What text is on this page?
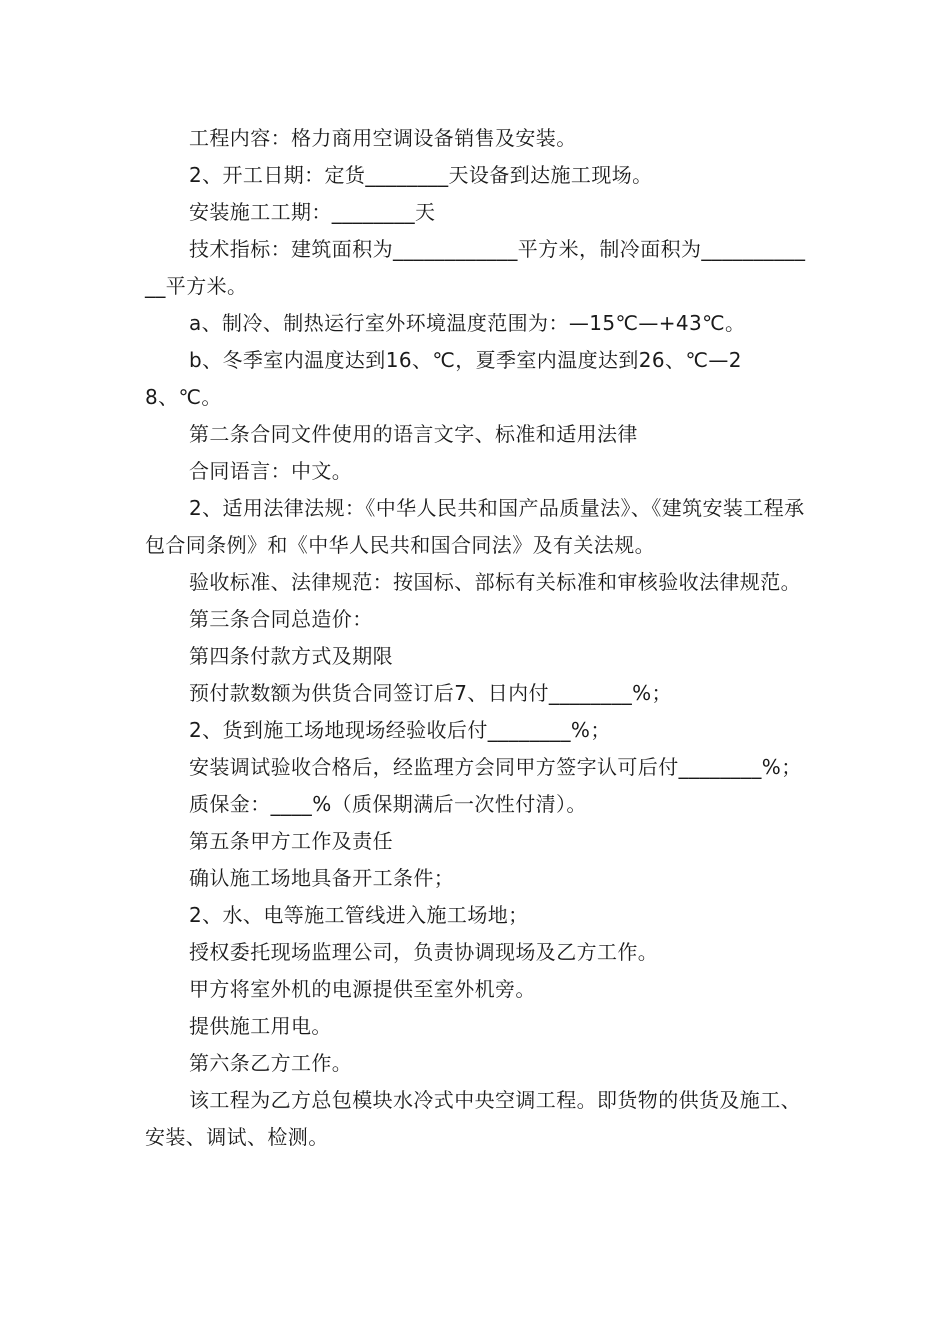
工程内容：格力商用空调设备销售及安装。

2、开工日期：定货________天设备到达施工现场。

安装施工工期：________天

技术指标：建筑面积为____________平方米，制冷面积为____________平方米。

a、制冷、制热运行室外环境温度范围为：—15℃—+43℃。

b、冬季室内温度达到16、℃，夏季室内温度达到26、℃—28、℃。

第二条合同文件使用的语言文字、标准和适用法律

合同语言：中文。

2、适用法律法规：《中华人民共和国产品质量法》、《建筑安装工程承包合同条例》和《中华人民共和国合同法》及有关法规。

验收标准、法律规范：按国标、部标有关标准和审核验收法律规范。

第三条合同总造价：

第四条付款方式及期限

预付款数额为供货合同签订后7、日内付________%；

2、货到施工场地现场经验收后付________%；

安装调试验收合格后，经监理方会同甲方签字认可后付________%；

质保金：____%（质保期满后一次性付清）。

第五条甲方工作及责任

确认施工场地具备开工条件；

2、水、电等施工管线进入施工场地；

授权委托现场监理公司，负责协调现场及乙方工作。

甲方将室外机的电源提供至室外机旁。

提供施工用电。

第六条乙方工作。

该工程为乙方总包模块水冷式中央空调工程。即货物的供货及施工、安装、调试、检测。
